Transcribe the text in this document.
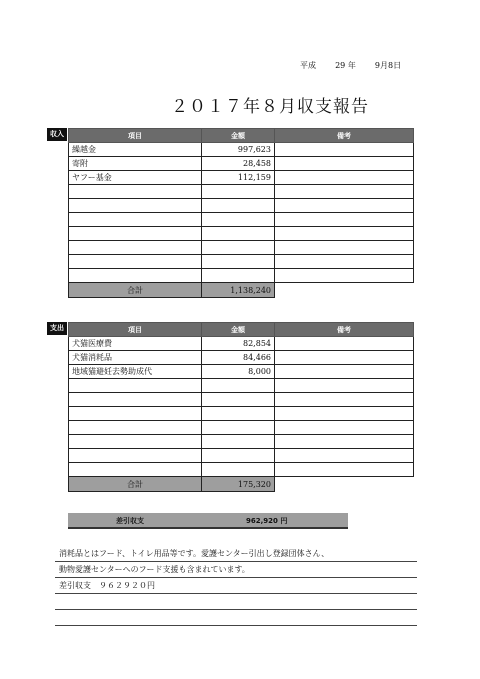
平成 29 年 9月8日
２０１７年８月収支報告
収入	項目	金額	備考
繰越金	997,623	
寄附	28,458	
ヤフー基金	112,159	

合計	1,138,240	
支出	項目	金額	備考
犬猫医療費	82,854	
犬猫消耗品	84,466	
地域猫避妊去勢助成代	8,000	

合計	175,320	
差引収支	962,920 円
消耗品とはフード、トイレ用品等です。愛護センター引出し登録団体さん、
動物愛護センターへのフード支援も含まれています。
差引収支　９６２９２０円
